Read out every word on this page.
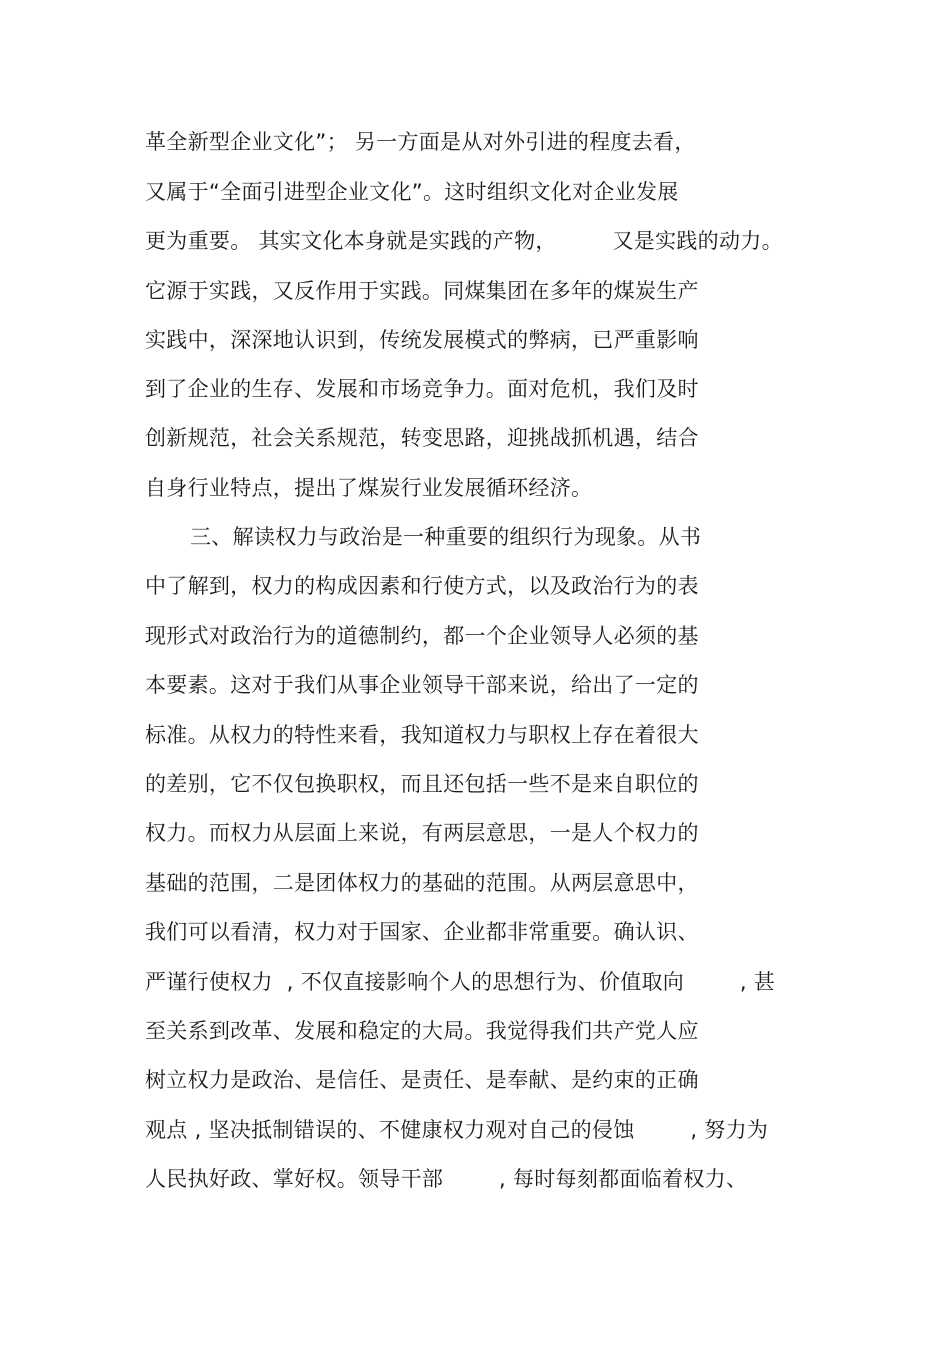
革全新型企业文化”； 另一方面是从对外引进的程度去看，
又属于“全面引进型企业文化”。这时组织文化对企业发展
更为重要。 其实文化本身就是实践的产物，        又是实践的动力。
它源于实践，又反作用于实践。同煤集团在多年的煤炭生产
实践中，深深地认识到，传统发展模式的弊病，已严重影响
到了企业的生存、发展和市场竞争力。面对危机，我们及时
创新规范，社会关系规范，转变思路，迎挑战抓机遇，结合
自身行业特点，提出了煤炭行业发展循环经济。
三、解读权力与政治是一种重要的组织行为现象。从书
中了解到，权力的构成因素和行使方式，以及政治行为的表
现形式对政治行为的道德制约，都一个企业领导人必须的基
本要素。这对于我们从事企业领导干部来说，给出了一定的
标准。从权力的特性来看，我知道权力与职权上存在着很大
的差别，它不仅包换职权，而且还包括一些不是来自职位的
权力。而权力从层面上来说，有两层意思，一是人个权力的
基础的范围，二是团体权力的基础的范围。从两层意思中，
我们可以看清，权力对于国家、企业都非常重要。确认识、
严谨行使权力  , 不仅直接影响个人的思想行为、价值取向        , 甚
至关系到改革、发展和稳定的大局。我觉得我们共产党人应
树立权力是政治、是信任、是责任、是奉献、是约束的正确
观点 , 坚决抵制错误的、不健康权力观对自己的侵蚀        , 努力为
人民执好政、掌好权。领导干部        , 每时每刻都面临着权力、
